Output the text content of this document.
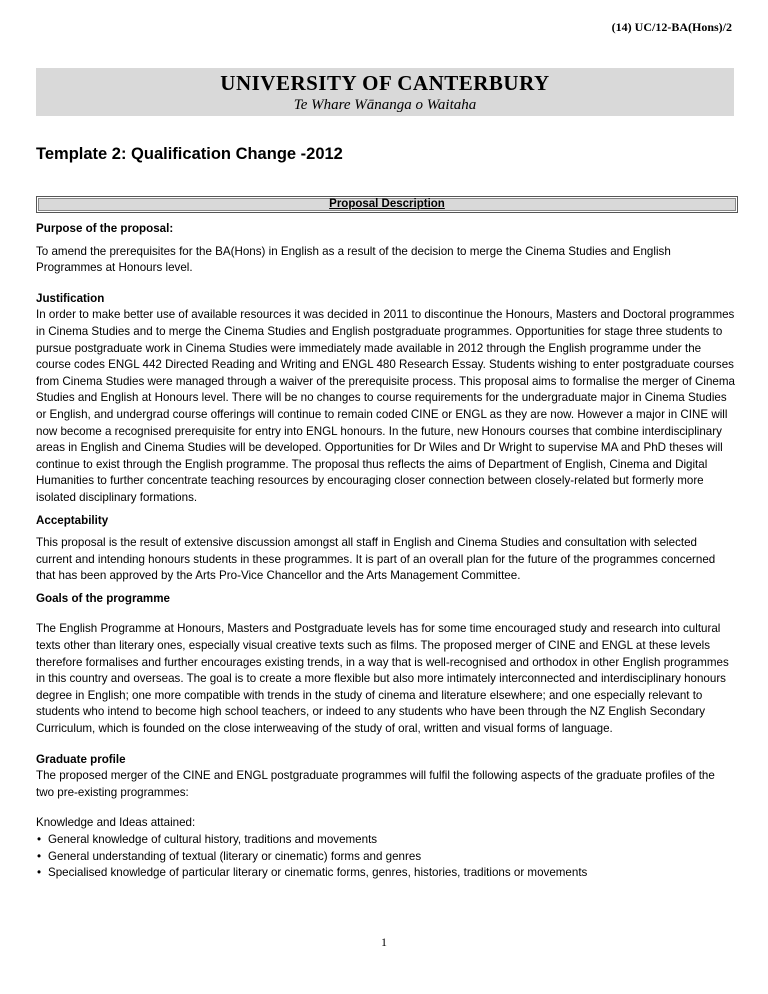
(14) UC/12-BA(Hons)/2
UNIVERSITY OF CANTERBURY
Te Whare Wānanga o Waitaha
Template 2: Qualification Change -2012
Proposal Description

Purpose of the proposal:

To amend the prerequisites for the BA(Hons) in English as a result of the decision to merge the Cinema Studies and English Programmes at Honours level.

Justification

In order to make better use of available resources it was decided in 2011 to discontinue the Honours, Masters and Doctoral programmes in Cinema Studies and to merge the Cinema Studies and English postgraduate programmes. Opportunities for stage three students to pursue postgraduate work in Cinema Studies were immediately made available in 2012 through the English programme under the course codes ENGL 442 Directed Reading and Writing and ENGL 480 Research Essay. Students wishing to enter postgraduate courses from Cinema Studies were managed through a waiver of the prerequisite process. This proposal aims to formalise the merger of Cinema Studies and English at Honours level. There will be no changes to course requirements for the undergraduate major in Cinema Studies or English, and undergrad course offerings will continue to remain coded CINE or ENGL as they are now. However a major in CINE will now become a recognised prerequisite for entry into ENGL honours. In the future, new Honours courses that combine interdisciplinary areas in English and Cinema Studies will be developed. Opportunities for Dr Wiles and Dr Wright to supervise MA and PhD theses will continue to exist through the English programme. The proposal thus reflects the aims of Department of English, Cinema and Digital Humanities to further concentrate teaching resources by encouraging closer connection between closely-related but formerly more isolated disciplinary formations.

Acceptability

This proposal is the result of extensive discussion amongst all staff in English and Cinema Studies and consultation with selected current and intending honours students in these programmes. It is part of an overall plan for the future of the programmes concerned that has been approved by the Arts Pro-Vice Chancellor and the Arts Management Committee.

Goals of the programme

The English Programme at Honours, Masters and Postgraduate levels has for some time encouraged study and research into cultural texts other than literary ones, especially visual creative texts such as films. The proposed merger of CINE and ENGL at these levels therefore formalises and further encourages existing trends, in a way that is well-recognised and orthodox in other English programmes in this country and overseas. The goal is to create a more flexible but also more intimately interconnected and interdisciplinary honours degree in English; one more compatible with trends in the study of cinema and literature elsewhere; and one especially relevant to students who intend to become high school teachers, or indeed to any students who have been through the NZ English Secondary Curriculum, which is founded on the close interweaving of the study of oral, written and visual forms of language.

Graduate profile

The proposed merger of the CINE and ENGL postgraduate programmes will fulfil the following aspects of the graduate profiles of the two pre-existing programmes:

Knowledge and Ideas attained:

• General knowledge of cultural history, traditions and movements
• General understanding of textual (literary or cinematic) forms and genres
• Specialised knowledge of particular literary or cinematic forms, genres, histories, traditions or movements
1
